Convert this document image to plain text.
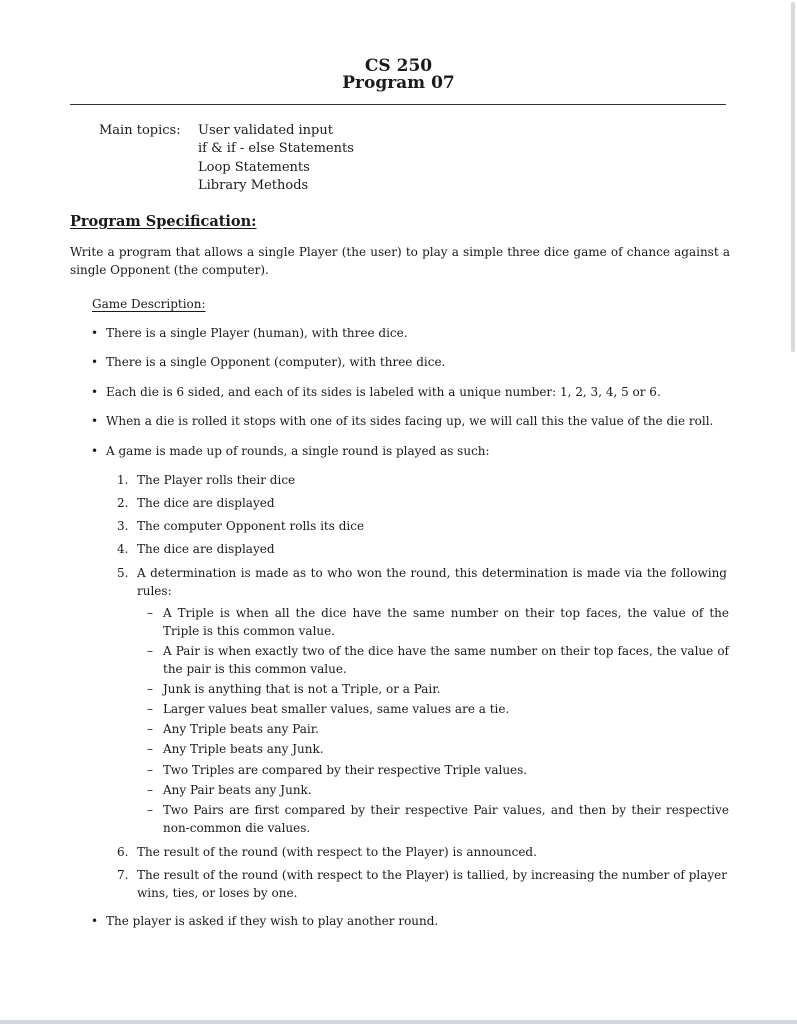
CS 250
Program 07
Main topics: User validated input
if & if - else Statements
Loop Statements
Library Methods
Program Specification:
Write a program that allows a single Player (the user) to play a simple three dice game of chance against a single Opponent (the computer).
Game Description:
• There is a single Player (human), with three dice.
• There is a single Opponent (computer), with three dice.
• Each die is 6 sided, and each of its sides is labeled with a unique number: 1, 2, 3, 4, 5 or 6.
• When a die is rolled it stops with one of its sides facing up, we will call this the value of the die roll.
• A game is made up of rounds, a single round is played as such:
1. The Player rolls their dice
2. The dice are displayed
3. The computer Opponent rolls its dice
4. The dice are displayed
5. A determination is made as to who won the round, this determination is made via the following rules:
– A Triple is when all the dice have the same number on their top faces, the value of the Triple is this common value.
– A Pair is when exactly two of the dice have the same number on their top faces, the value of the pair is this common value.
– Junk is anything that is not a Triple, or a Pair.
– Larger values beat smaller values, same values are a tie.
– Any Triple beats any Pair.
– Any Triple beats any Junk.
– Two Triples are compared by their respective Triple values.
– Any Pair beats any Junk.
– Two Pairs are first compared by their respective Pair values, and then by their respective non-common die values.
6. The result of the round (with respect to the Player) is announced.
7. The result of the round (with respect to the Player) is tallied, by increasing the number of player wins, ties, or loses by one.
• The player is asked if they wish to play another round.
